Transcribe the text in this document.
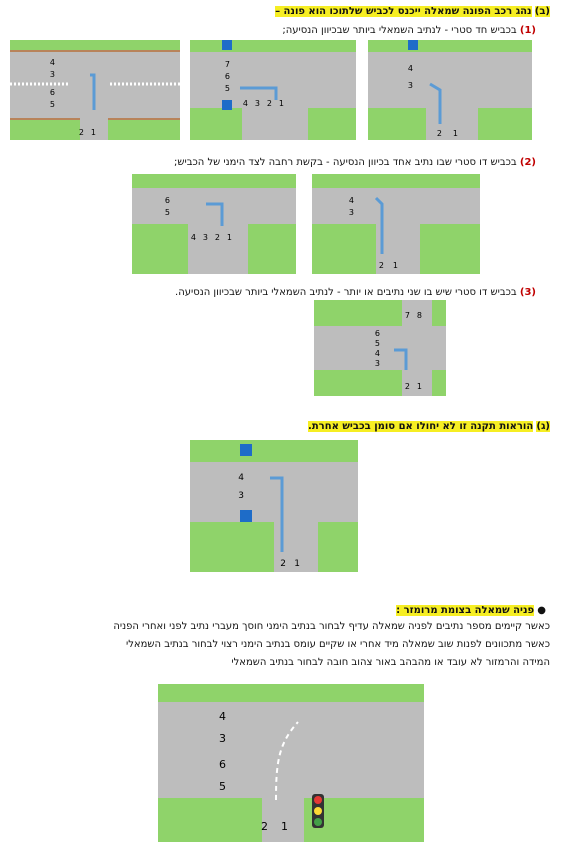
(ב) נהג רכב הפונה שמאלה ייכנס לכביש שלתוכו הוא פונה –
(1) בכביש חד סטרי - לנתיב השמאלי ביותר שבכיוון הנסיעה;
4
3
6
5
2 1
7
6
5
4 3 2 1
4
3
2 1
(2) בכביש דו סטרי שבו נתיב אחד בכיוון הנסיעה - בקשת רחבה לצד הימני של הכביש;
6
5
4 3 2 1
4
3
2 1
(3) בכביש דו סטרי שיש בו שני נתיבים או יותר - לנתיב השמאלי ביותר שבכיוון הנסיעה.
7 8
6
5
4
3
2 1
(ג) הוראות תקנה זו לא יחולו אם סומן בכביש אחרת.
4
3
2 1
● פניה שמאלה בצומת מרומזר :
כאשר קיימים מספר נתיבים לפניה שמאלה עדיף לבחור בנתיב הימני חוסך מעברי נתיב לפני ואחרי הפניה
כאשר מתכוונים לפנות שוב שמאלה מיד אחרי או שקיים עומס בנתיב הימני רצוי לבחור בנתיב השמאלי
המידה והרמזור לא עובד או מהבהב באור צהוב חובה לבחור בנתיב השמאלי
4
3
6
5
2 1
